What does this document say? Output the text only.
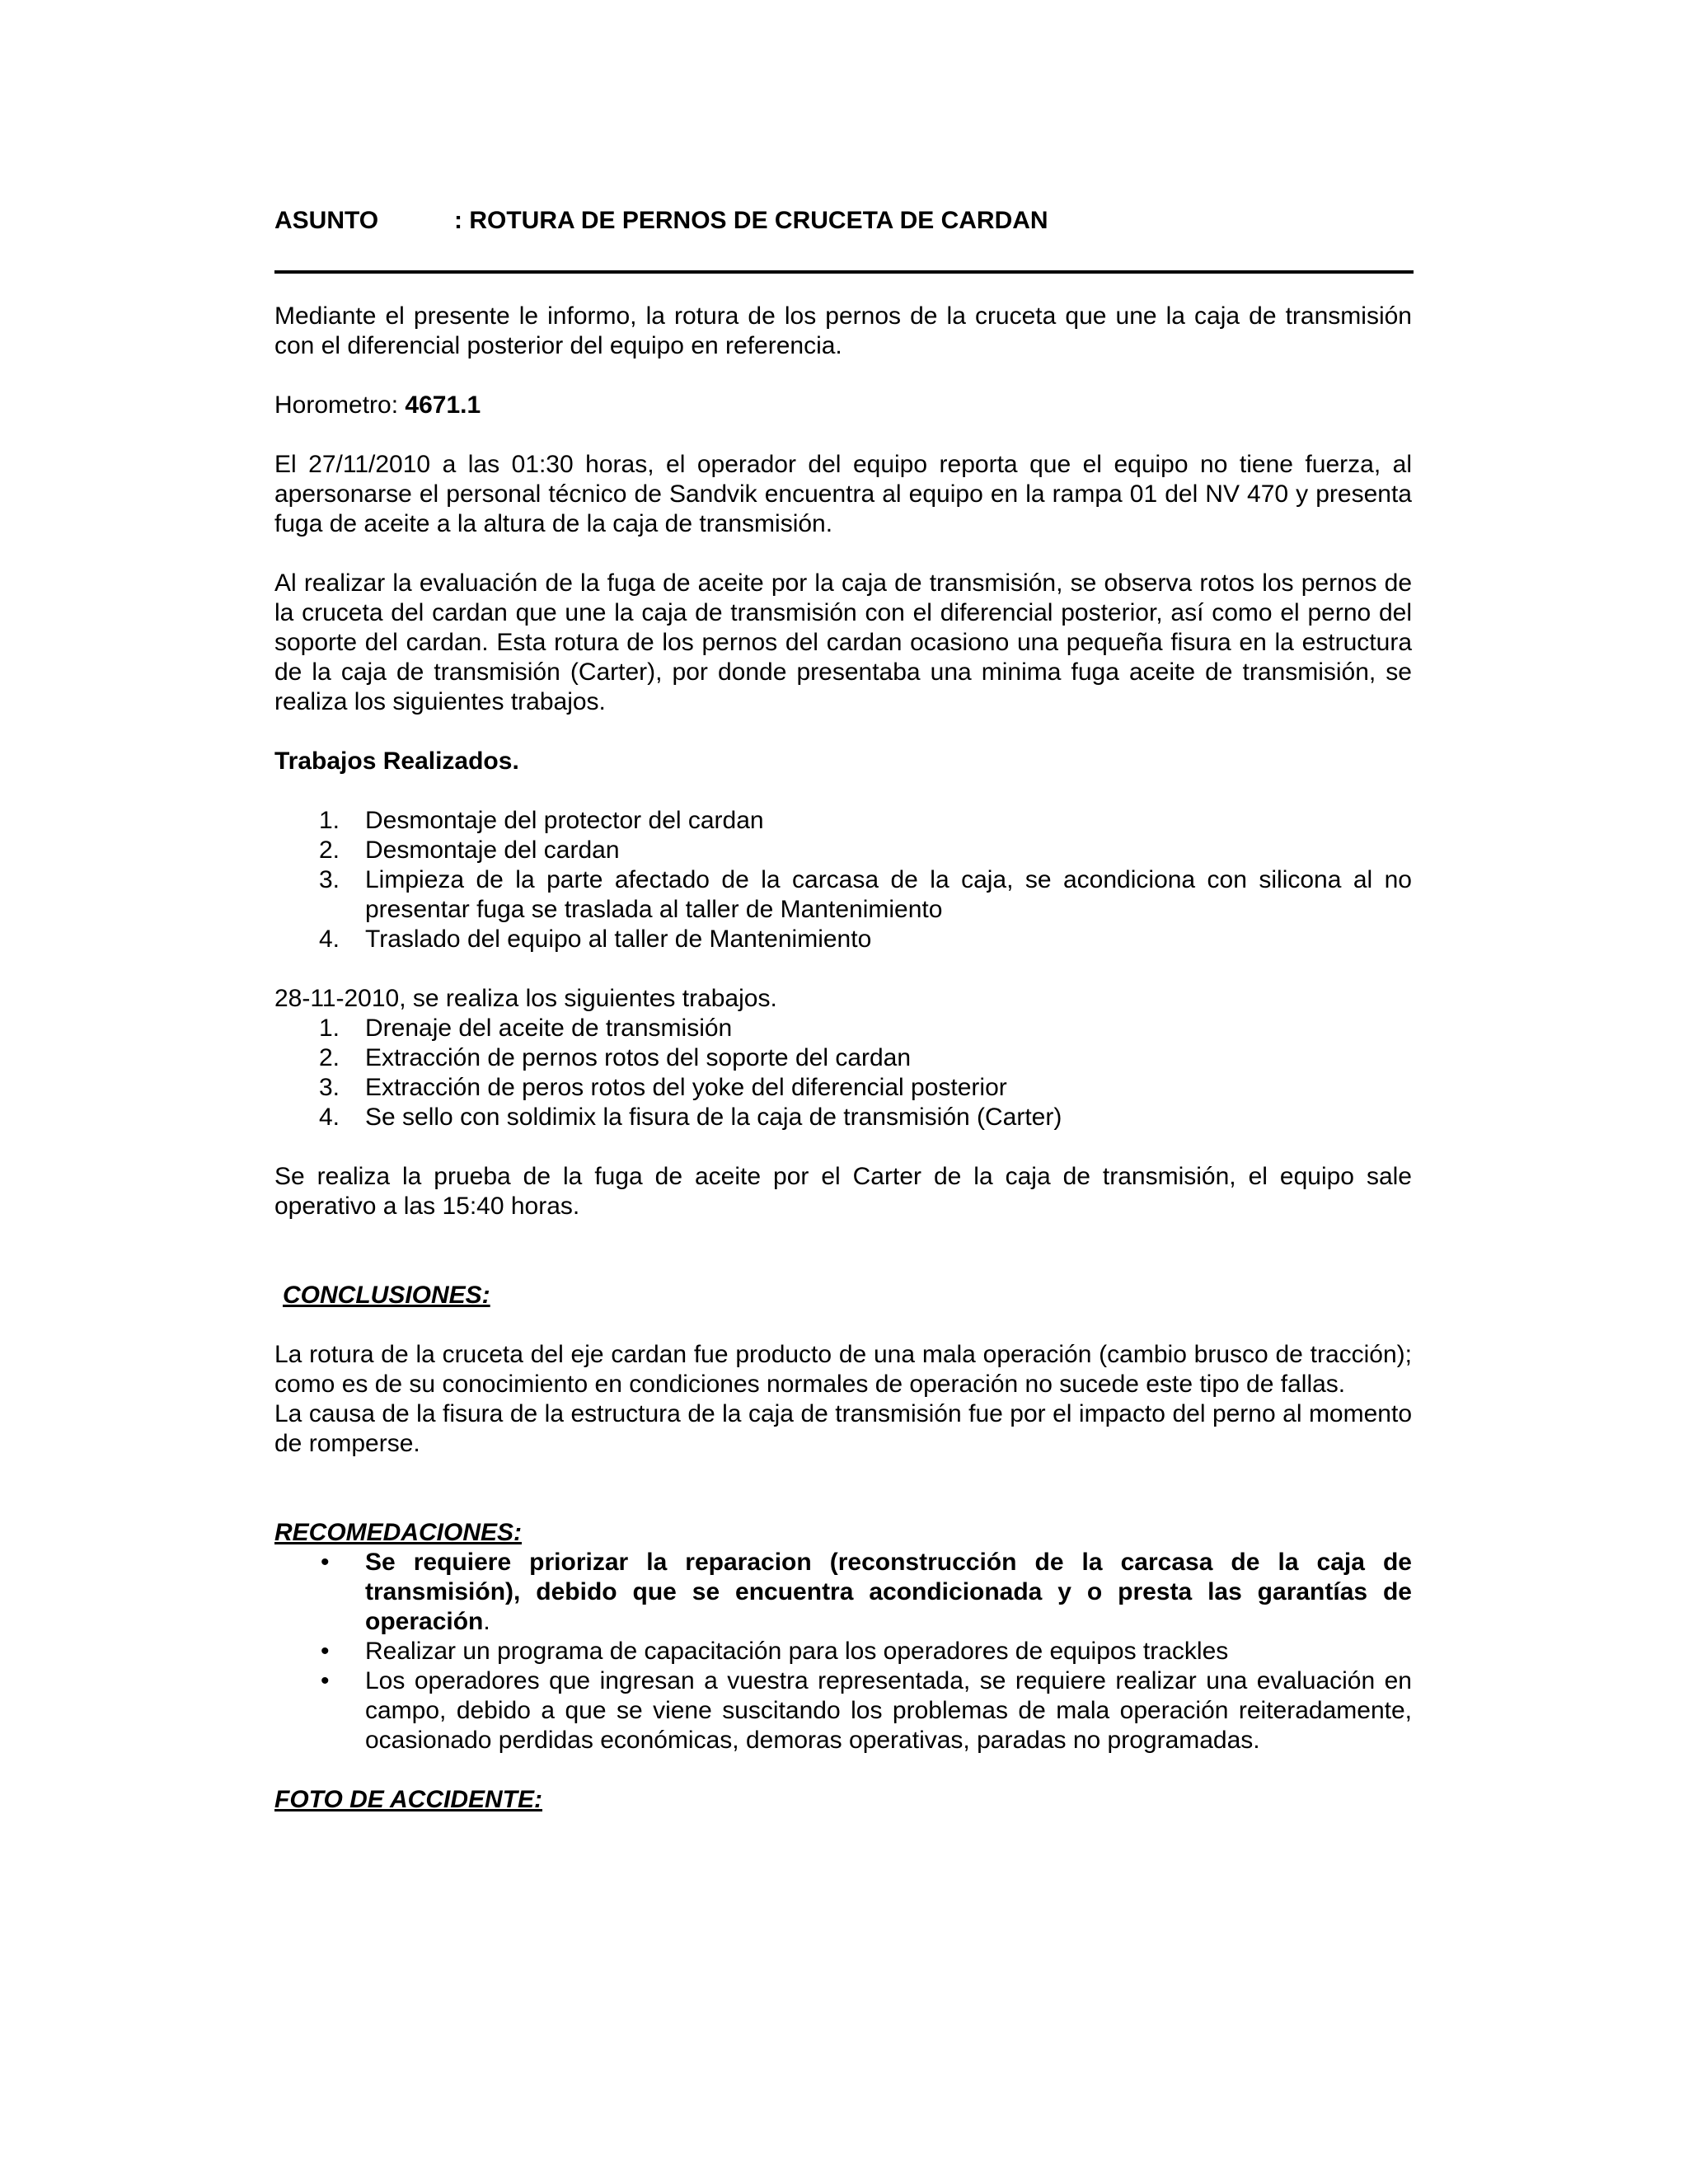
ASUNTO	: ROTURA DE PERNOS DE CRUCETA DE CARDAN

Mediante el presente le informo, la rotura de los pernos de la cruceta que une la caja de transmisión con el diferencial posterior del equipo en referencia.

Horometro: 4671.1

El 27/11/2010 a las 01:30 horas, el operador del equipo reporta que el equipo no tiene fuerza, al apersonarse el personal técnico de Sandvik encuentra al equipo en la rampa 01 del NV 470 y presenta fuga de aceite a la altura de la caja de transmisión.

Al realizar la evaluación de la fuga de aceite por la caja de transmisión, se observa rotos los pernos de la cruceta del cardan que une la caja de transmisión con el diferencial posterior, así como el perno del soporte del cardan. Esta rotura de los pernos del cardan ocasiono una pequeña fisura en la estructura de la caja de transmisión (Carter), por donde presentaba una minima fuga aceite de transmisión, se realiza los siguientes trabajos.

Trabajos Realizados.

1.	Desmontaje del protector del cardan
2.	Desmontaje del cardan
3.	Limpieza de la parte afectado de la carcasa de la caja, se acondiciona con silicona al no presentar fuga se traslada al taller de Mantenimiento
4.	Traslado del equipo al taller de Mantenimiento

28-11-2010, se realiza los siguientes trabajos.

1.	Drenaje del aceite de transmisión
2.	Extracción de pernos rotos del soporte del cardan
3.	Extracción de peros rotos del yoke del diferencial posterior
4.	Se sello con soldimix la fisura de la caja de transmisión (Carter)

Se realiza la prueba de la fuga de aceite por el Carter de la caja de transmisión, el equipo sale operativo a las 15:40 horas.

CONCLUSIONES:

La rotura de la cruceta del eje cardan fue producto de una mala operación (cambio brusco de tracción); como es de su conocimiento en condiciones normales de operación no sucede este tipo de fallas.

La causa de la fisura de la estructura de la caja de transmisión fue por el impacto del perno al momento de romperse.

RECOMEDACIONES:

•	Se requiere priorizar la reparacion (reconstrucción de la carcasa de la caja de transmisión), debido que se encuentra acondicionada y o presta las garantías de operación.
•	Realizar un programa de capacitación para los operadores de equipos trackles
•	Los operadores que ingresan a vuestra representada, se requiere realizar una evaluación en campo, debido a que se viene suscitando los problemas de mala operación reiteradamente, ocasionado perdidas económicas, demoras operativas, paradas no programadas.

FOTO DE ACCIDENTE:
